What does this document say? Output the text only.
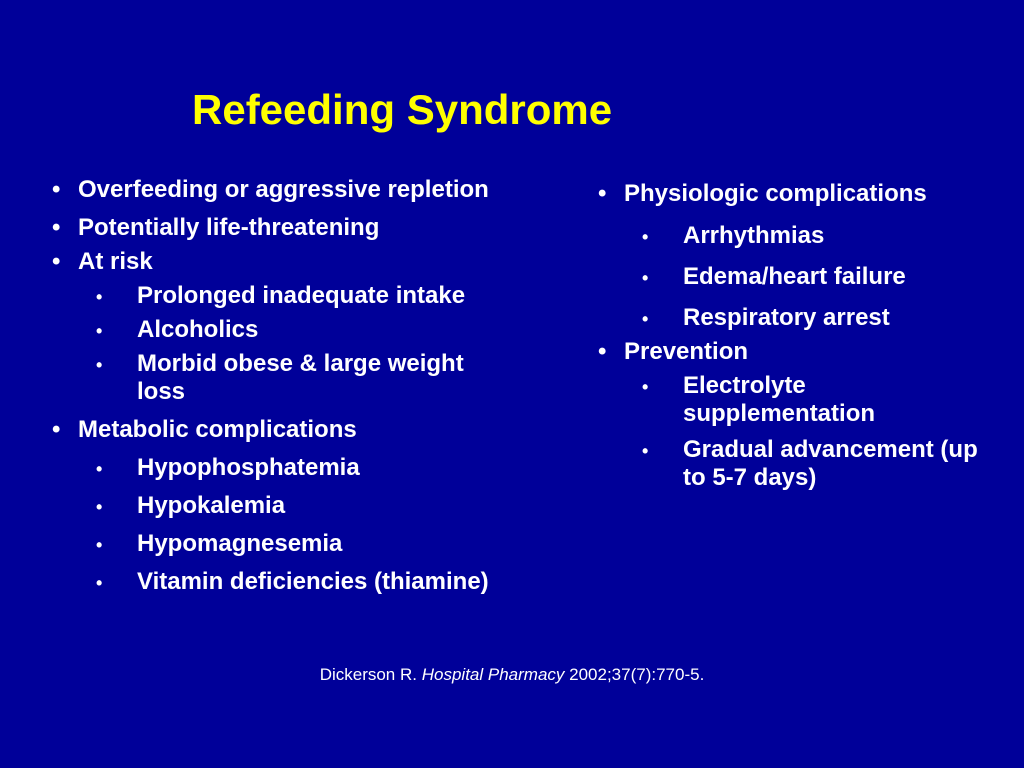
Refeeding Syndrome
• Overfeeding or aggressive repletion
• Potentially life-threatening
• At risk
• Prolonged inadequate intake
• Alcoholics
• Morbid obese & large weight loss
• Metabolic complications
• Hypophosphatemia
• Hypokalemia
• Hypomagnesemia
• Vitamin deficiencies (thiamine)
• Physiologic complications
• Arrhythmias
• Edema/heart failure
• Respiratory arrest
• Prevention
• Electrolyte supplementation
• Gradual advancement (up to 5-7 days)
Dickerson R. Hospital Pharmacy 2002;37(7):770-5.
